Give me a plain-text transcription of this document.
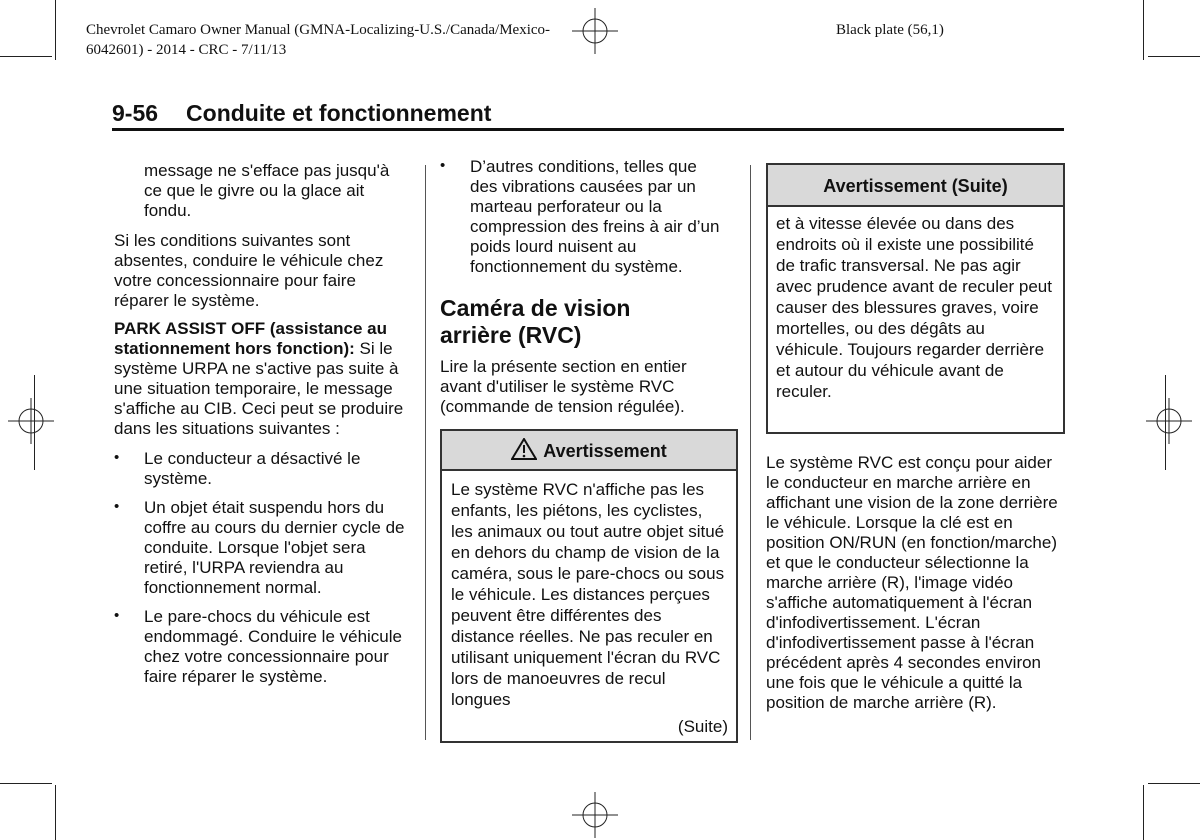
Chevrolet Camaro Owner Manual (GMNA-Localizing-U.S./Canada/Mexico-
6042601) - 2014 - CRC - 7/11/13
Black plate (56,1)
9-56 Conduite et fonctionnement

message ne s'efface pas jusqu'à ce que le givre ou la glace ait fondu.

Si les conditions suivantes sont absentes, conduire le véhicule chez votre concessionnaire pour faire réparer le système.

PARK ASSIST OFF (assistance au stationnement hors fonction): Si le système URPA ne s'active pas suite à une situation temporaire, le message s'affiche au CIB. Ceci peut se produire dans les situations suivantes :

• Le conducteur a désactivé le système.

• Un objet était suspendu hors du coffre au cours du dernier cycle de conduite. Lorsque l'objet sera retiré, l'URPA reviendra au fonctionnement normal.

• Le pare-chocs du véhicule est endommagé. Conduire le véhicule chez votre concessionnaire pour faire réparer le système.

• D’autres conditions, telles que des vibrations causées par un marteau perforateur ou la compression des freins à air d’un poids lourd nuisent au fonctionnement du système.

Caméra de vision arrière (RVC)
Lire la présente section en entier avant d'utiliser le système RVC (commande de tension régulée).
Avertissement
Le système RVC n'affiche pas les enfants, les piétons, les cyclistes, les animaux ou tout autre objet situé en dehors du champ de vision de la caméra, sous le pare-chocs ou sous le véhicule. Les distances perçues peuvent être différentes des distance réelles. Ne pas reculer en utilisant uniquement l'écran du RVC lors de manoeuvres de recul longues
(Suite)
Avertissement (Suite)
et à vitesse élevée ou dans des endroits où il existe une possibilité de trafic transversal. Ne pas agir avec prudence avant de reculer peut causer des blessures graves, voire mortelles, ou des dégâts au véhicule. Toujours regarder derrière et autour du véhicule avant de reculer.
Le système RVC est conçu pour aider le conducteur en marche arrière en affichant une vision de la zone derrière le véhicule. Lorsque la clé est en position ON/RUN (en fonction/marche) et que le conducteur sélectionne la marche arrière (R), l'image vidéo s'affiche automatiquement à l'écran d'infodivertissement. L'écran d'infodivertissement passe à l'écran précédent après 4 secondes environ une fois que le véhicule a quitté la position de marche arrière (R).
